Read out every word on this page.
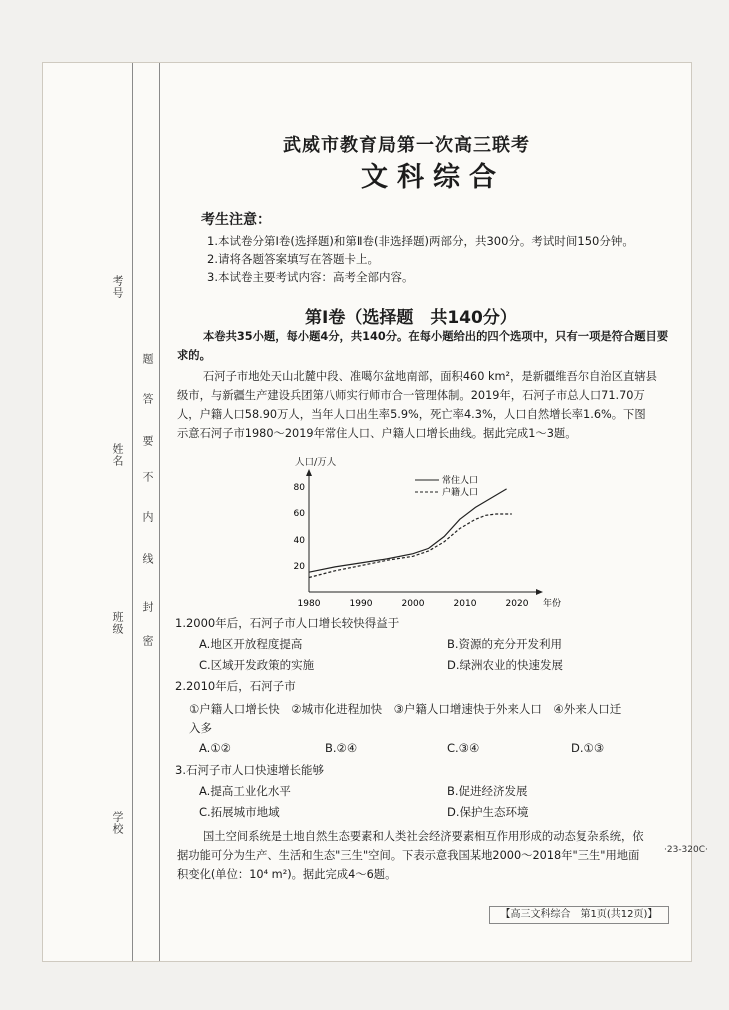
考号
姓名
班级
学校
密
封
线
内
不
要
答
题
武威市教育局第一次高三联考
文科综合
考生注意：
1.本试卷分第Ⅰ卷(选择题)和第Ⅱ卷(非选择题)两部分，共300分。考试时间150分钟。
2.请将各题答案填写在答题卡上。
3.本试卷主要考试内容：高考全部内容。
第Ⅰ卷（选择题　共140分）
本卷共35小题，每小题4分，共140分。在每小题给出的四个选项中，只有一项是符合题目要求的。
石河子市地处天山北麓中段、准噶尔盆地南部，面积460 km²，是新疆维吾尔自治区直辖县
级市，与新疆生产建设兵团第八师实行师市合一管理体制。2019年，石河子市总人口71.70万
人，户籍人口58.90万人，当年人口出生率5.9%，死亡率4.3%，人口自然增长率1.6%。下图
示意石河子市1980～2019年常住人口、户籍人口增长曲线。据此完成1～3题。
人口/万人
1980	1990	2000	2010	2020 年份
20
40
60
80
常住人口
户籍人口
1.2000年后，石河子市人口增长较快得益于
A.地区开放程度提高	B.资源的充分开发利用
C.区域开发政策的实施	D.绿洲农业的快速发展
2.2010年后，石河子市
①户籍人口增长快　②城市化进程加快　③户籍人口增速快于外来人口　④外来人口迁
入多
A.①②	B.②④	C.③④	D.①③
3.石河子市人口快速增长能够
A.提高工业化水平	B.促进经济发展
C.拓展城市地域	D.保护生态环境
国土空间系统是土地自然生态要素和人类社会经济要素相互作用形成的动态复杂系统，依
据功能可分为生产、生活和生态"三生"空间。下表示意我国某地2000～2018年"三生"用地面
积变化(单位：10⁴ m²)。据此完成4～6题。
【高三文科综合　第1页(共12页)】
·23-320C·
